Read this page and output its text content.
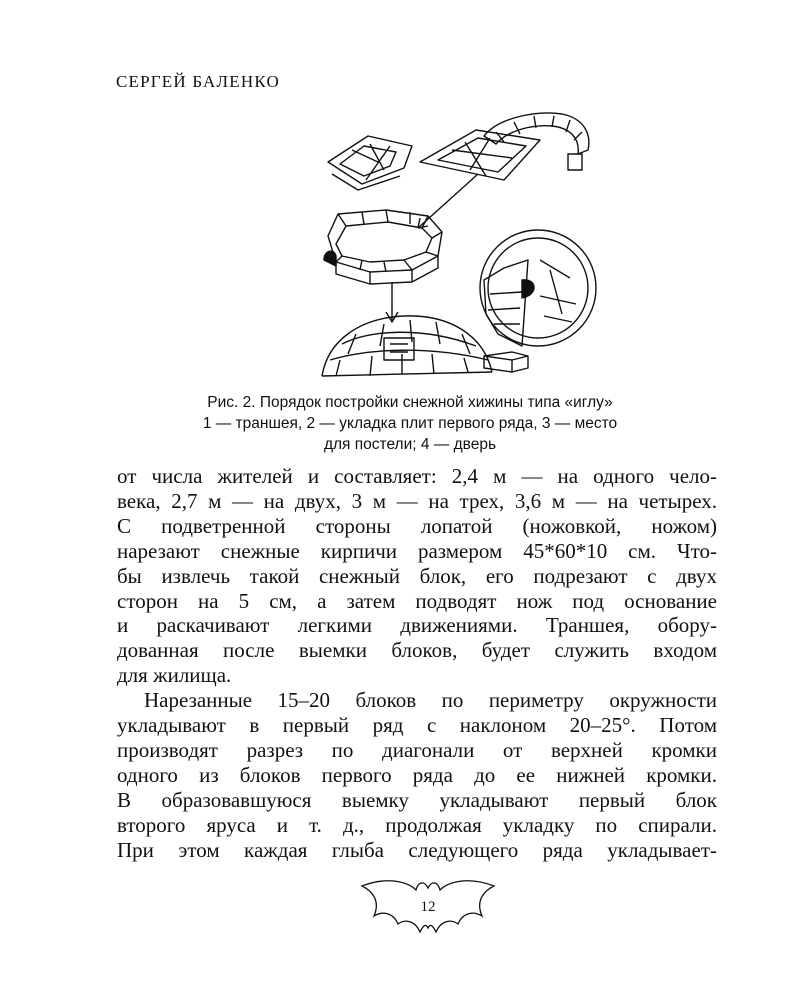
СЕРГЕЙ БАЛЕНКО
Рис. 2. Порядок постройки снежной хижины типа «иглу»
1 — траншея, 2 — укладка плит первого ряда, 3 — место
для постели; 4 — дверь
от числа жителей и составляет: 2,4 м — на одного чело-
века, 2,7 м — на двух, 3 м — на трех, 3,6 м — на четырех.
С подветренной стороны лопатой (ножовкой, ножом)
нарезают снежные кирпичи размером 45*60*10 см. Что-
бы извлечь такой снежный блок, его подрезают с двух
сторон на 5 см, а затем подводят нож под основание
и раскачивают легкими движениями. Траншея, обору-
дованная после выемки блоков, будет служить входом
для жилища.
Нарезанные 15–20 блоков по периметру окружности
укладывают в первый ряд с наклоном 20–25°. Потом
производят разрез по диагонали от верхней кромки
одного из блоков первого ряда до ее нижней кромки.
В образовавшуюся выемку укладывают первый блок
второго яруса и т. д., продолжая укладку по спирали.
При этом каждая глыба следующего ряда укладывает-
12
